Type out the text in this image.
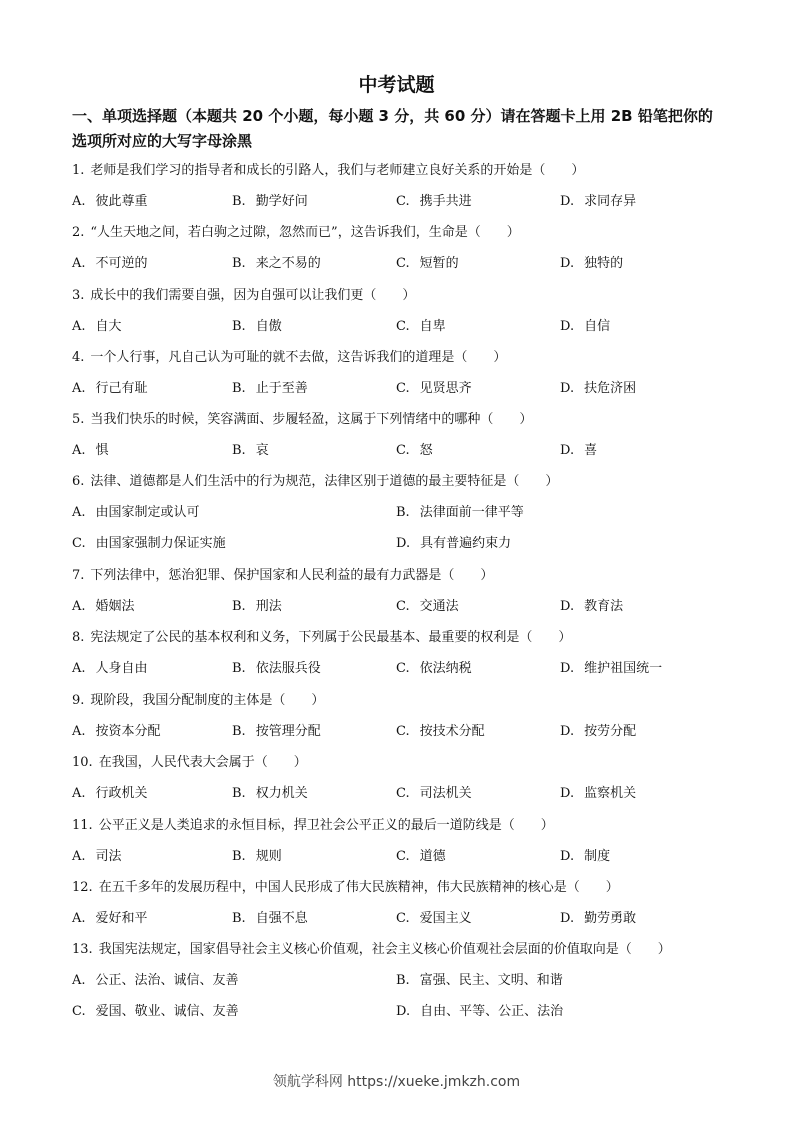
中考试题
一、单项选择题（本题共 20 个小题，每小题 3 分，共 60 分）请在答题卡上用 2B 铅笔把你的
选项所对应的大写字母涂黑
1. 老师是我们学习的指导者和成长的引路人，我们与老师建立良好关系的开始是（　　）
A. 彼此尊重	B. 勤学好问	C. 携手共进	D. 求同存异
2. “人生天地之间，若白驹之过隙，忽然而已”，这告诉我们，生命是（　　）
A. 不可逆的	B. 来之不易的	C. 短暂的	D. 独特的
3. 成长中的我们需要自强，因为自强可以让我们更（　　）
A. 自大	B. 自傲	C. 自卑	D. 自信
4. 一个人行事，凡自己认为可耻的就不去做，这告诉我们的道理是（　　）
A. 行己有耻	B. 止于至善	C. 见贤思齐	D. 扶危济困
5. 当我们快乐的时候，笑容满面、步履轻盈，这属于下列情绪中的哪种（　　）
A. 惧	B. 哀	C. 怒	D. 喜
6. 法律、道德都是人们生活中的行为规范，法律区别于道德的最主要特征是（　　）
A. 由国家制定或认可	B. 法律面前一律平等
C. 由国家强制力保证实施	D. 具有普遍约束力
7. 下列法律中，惩治犯罪、保护国家和人民利益的最有力武器是（　　）
A. 婚姻法	B. 刑法	C. 交通法	D. 教育法
8. 宪法规定了公民的基本权利和义务，下列属于公民最基本、最重要的权利是（　　）
A. 人身自由	B. 依法服兵役	C. 依法纳税	D. 维护祖国统一
9. 现阶段，我国分配制度的主体是（　　）
A. 按资本分配	B. 按管理分配	C. 按技术分配	D. 按劳分配
10. 在我国，人民代表大会属于（　　）
A. 行政机关	B. 权力机关	C. 司法机关	D. 监察机关
11. 公平正义是人类追求的永恒目标，捍卫社会公平正义的最后一道防线是（　　）
A. 司法	B. 规则	C. 道德	D. 制度
12. 在五千多年的发展历程中，中国人民形成了伟大民族精神，伟大民族精神的核心是（　　）
A. 爱好和平	B. 自强不息	C. 爱国主义	D. 勤劳勇敢
13. 我国宪法规定，国家倡导社会主义核心价值观，社会主义核心价值观社会层面的价值取向是（　　）
A. 公正、法治、诚信、友善	B. 富强、民主、文明、和谐
C. 爱国、敬业、诚信、友善	D. 自由、平等、公正、法治
领航学科网 https://xueke.jmkzh.com
